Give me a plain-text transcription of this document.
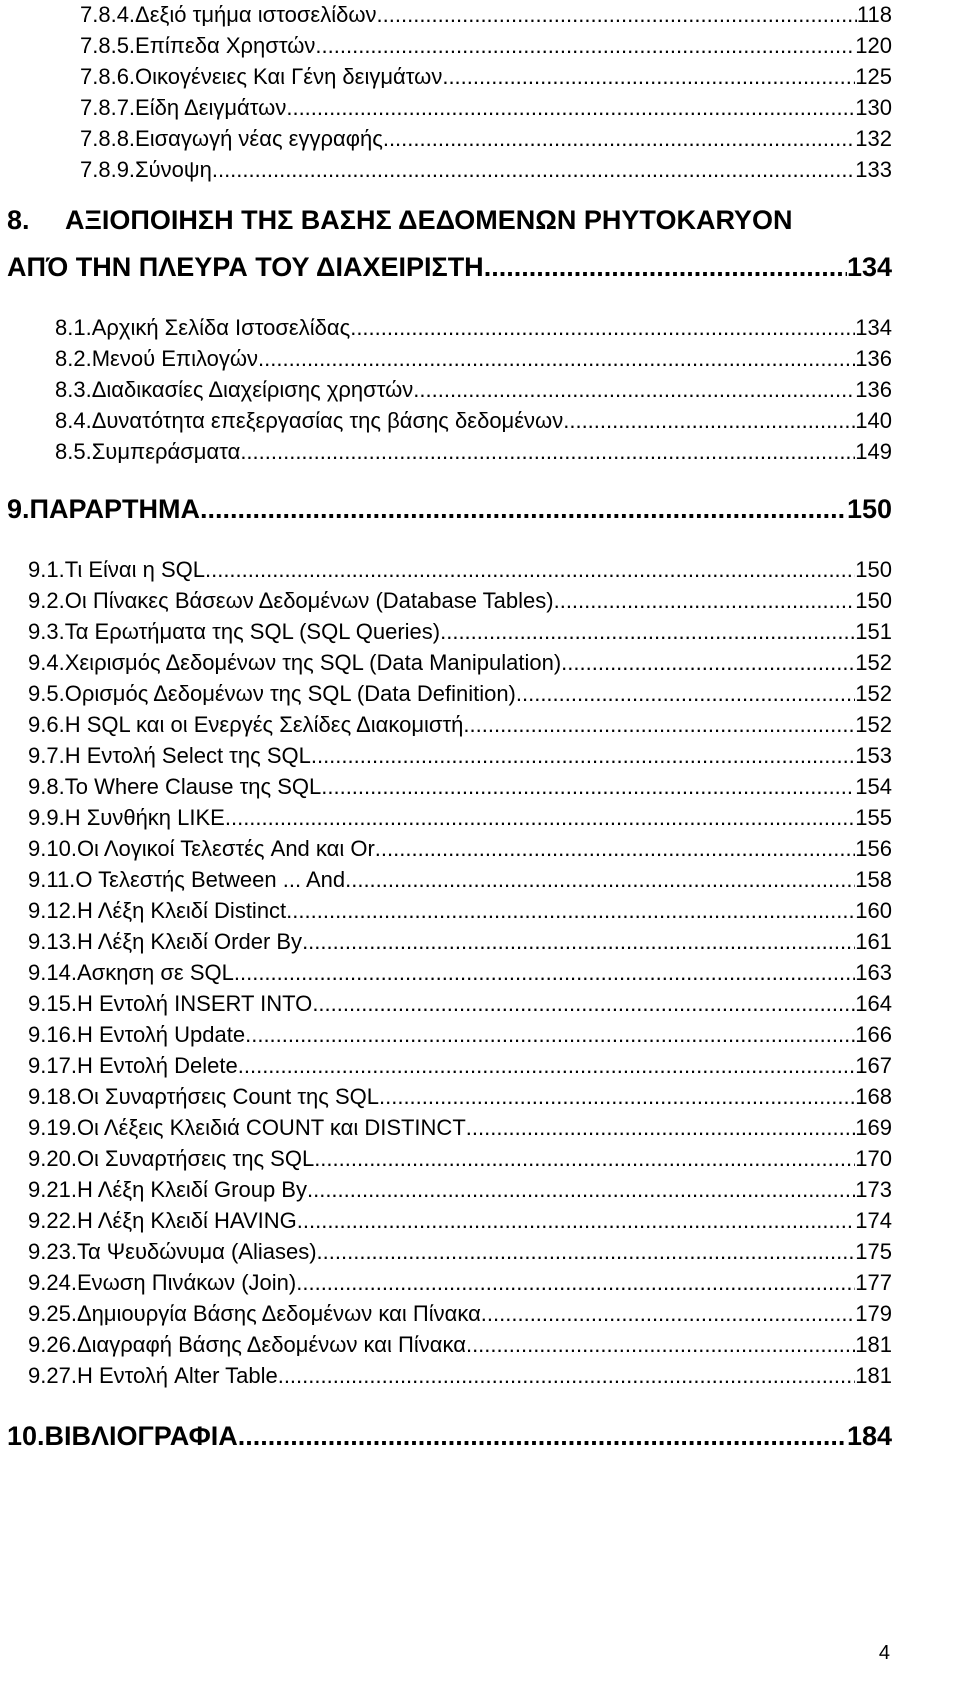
7.8.4. Δεξιό τμήμα ιστοσελίδων .....	118
7.8.5. Επίπεδα Χρηστών .....	120
7.8.6. Οικογένειες Και Γένη δειγμάτων .....	125
7.8.7. Είδη Δειγμάτων .....	130
7.8.8. Εισαγωγή νέας εγγραφής .....	132
7.8.9. Σύνοψη .....	133
8.	ΑΞΙΟΠΟΙΗΣΗ ΤΗΣ ΒΑΣΗΣ ΔΕΔΟΜΕΝΩΝ PHYTOKARYON
ΑΠΌ ΤΗΝ ΠΛΕΥΡΑ ΤΟΥ ΔΙΑΧΕΙΡΙΣΤΗ .....	134
8.1. Αρχική Σελίδα Ιστοσελίδας .....	134
8.2. Μενού Επιλογών .....	136
8.3. Διαδικασίες Διαχείρισης χρηστών .....	136
8.4. Δυνατότητα επεξεργασίας της βάσης δεδομένων .....	140
8.5. Συμπεράσματα .....	149
9. ΠΑΡΑΡΤΗΜΑ .....	150
9.1. Τι Είναι η SQL .....	150
9.2. Οι Πίνακες Βάσεων Δεδομένων (Database Tables) .....	150
9.3. Τα Ερωτήματα της SQL (SQL Queries) .....	151
9.4. Χειρισμός Δεδομένων της SQL (Data Manipulation) .....	152
9.5. Ορισμός Δεδομένων της SQL (Data Definition) .....	152
9.6. Η SQL και οι Ενεργές Σελίδες Διακομιστή .....	152
9.7. Η Εντολή Select της SQL .....	153
9.8. Το Where Clause της SQL .....	154
9.9. Η Συνθήκη LIKE .....	155
9.10. Οι Λογικοί Τελεστές And και Or .....	156
9.11. Ο Τελεστής Between ... And .....	158
9.12. Η Λέξη Κλειδί Distinct .....	160
9.13. Η Λέξη Κλειδί Order By .....	161
9.14. Ασκηση σε SQL .....	163
9.15. Η Εντολή INSERT INTO .....	164
9.16. Η Εντολή Update .....	166
9.17. Η Εντολή Delete .....	167
9.18. Οι Συναρτήσεις Count της SQL .....	168
9.19. Οι Λέξεις Κλειδιά COUNT και DISTINCT .....	169
9.20. Οι Συναρτήσεις της SQL .....	170
9.21. Η Λέξη Κλειδί Group By .....	173
9.22. Η Λέξη Κλειδί HAVING .....	174
9.23. Τα Ψευδώνυμα (Aliases) .....	175
9.24. Ενωση Πινάκων (Join) .....	177
9.25. Δημιουργία Βάσης Δεδομένων και Πίνακα .....	179
9.26. Διαγραφή Βάσης Δεδομένων και Πίνακα .....	181
9.27. Η Εντολή Alter Table .....	181
10. ΒΙΒΛΙΟΓΡΑΦΙΑ .....	184
4
